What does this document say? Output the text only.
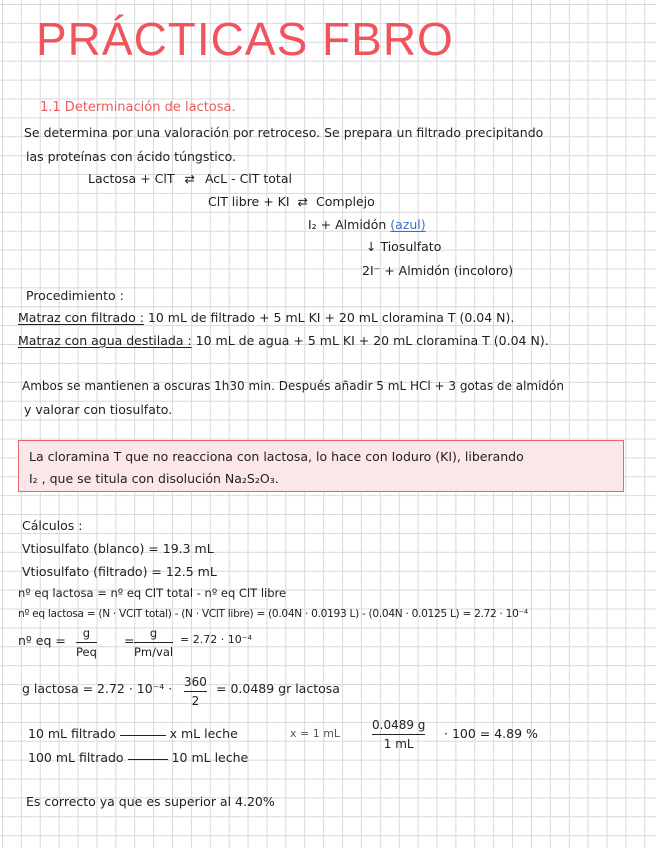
PRÁCTICAS FBRO
1.1 Determinación de lactosa.
Se determina por una valoración por retroceso. Se prepara un filtrado precipitando
las proteínas con ácido túngstico.
Lactosa + ClT ⇄ AcL - ClT total
ClT libre + KI ⇄ Complejo
I₂ + Almidón (azul)
↓ Tiosulfato
2I⁻ + Almidón (incoloro)
Procedimiento :
Matraz con filtrado : 10 mL de filtrado + 5 mL KI + 20 mL cloramina T (0.04 N).
Matraz con agua destilada : 10 mL de agua + 5 mL KI + 20 mL cloramina T (0.04 N).
Ambos se mantienen a oscuras 1h30 min. Después añadir 5 mL HCl + 3 gotas de almidón
y valorar con tiosulfato.
La cloramina T que no reacciona con lactosa, lo hace con Ioduro (KI), liberando
I₂ , que se titula con disolución Na₂S₂O₃.
Cálculos :
Vtiosulfato (blanco) = 19.3 mL
Vtiosulfato (filtrado) = 12.5 mL
nº eq lactosa = nº eq ClT total - nº eq ClT libre
nº eq lactosa = (N · VClT total) - (N · VClT libre) = (0.04N · 0.0193 L) - (0.04N · 0.0125 L) = 2.72 · 10⁻⁴
nº eq = g
Peq
= g
Pm/val
= 2.72 · 10⁻⁴
g lactosa = 2.72 · 10⁻⁴ · 360
2
= 0.0489 gr lactosa
10 mL filtrado	x mL leche
100 mL filtrado	10 mL leche
x = 1 mL
0.0489 g
1 mL
· 100 = 4.89 %
Es correcto ya que es superior al 4.20%
